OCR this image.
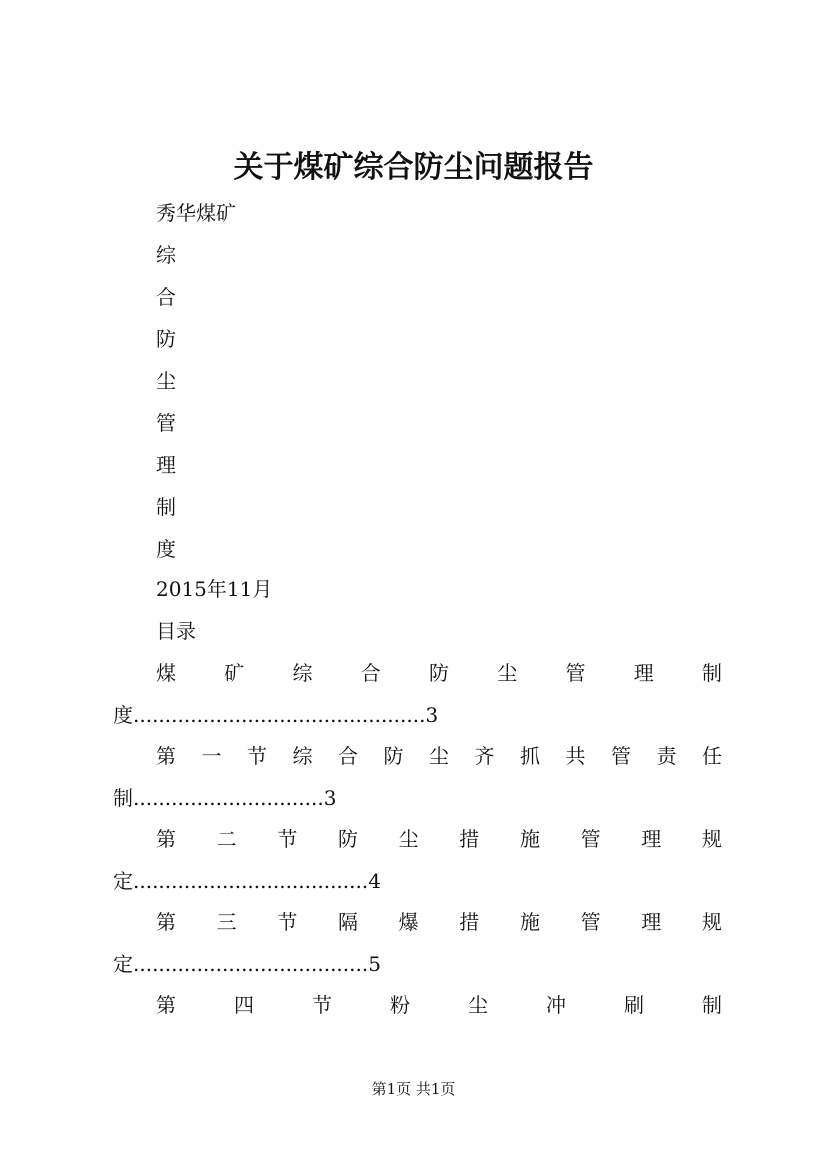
关于煤矿综合防尘问题报告
秀华煤矿
综
合
防
尘
管
理
制
度
2015年11月
目录
煤 矿 综 合 防 尘 管 理 制
度..............................................3
第 一 节 综 合 防 尘 齐 抓 共 管 责 任
制..............................3
第 二 节 防 尘 措 施 管 理 规
定.....................................4
第 三 节 隔 爆 措 施 管 理 规
定.....................................5
第	四	节	粉	尘	冲	刷	制
第1页 共1页
